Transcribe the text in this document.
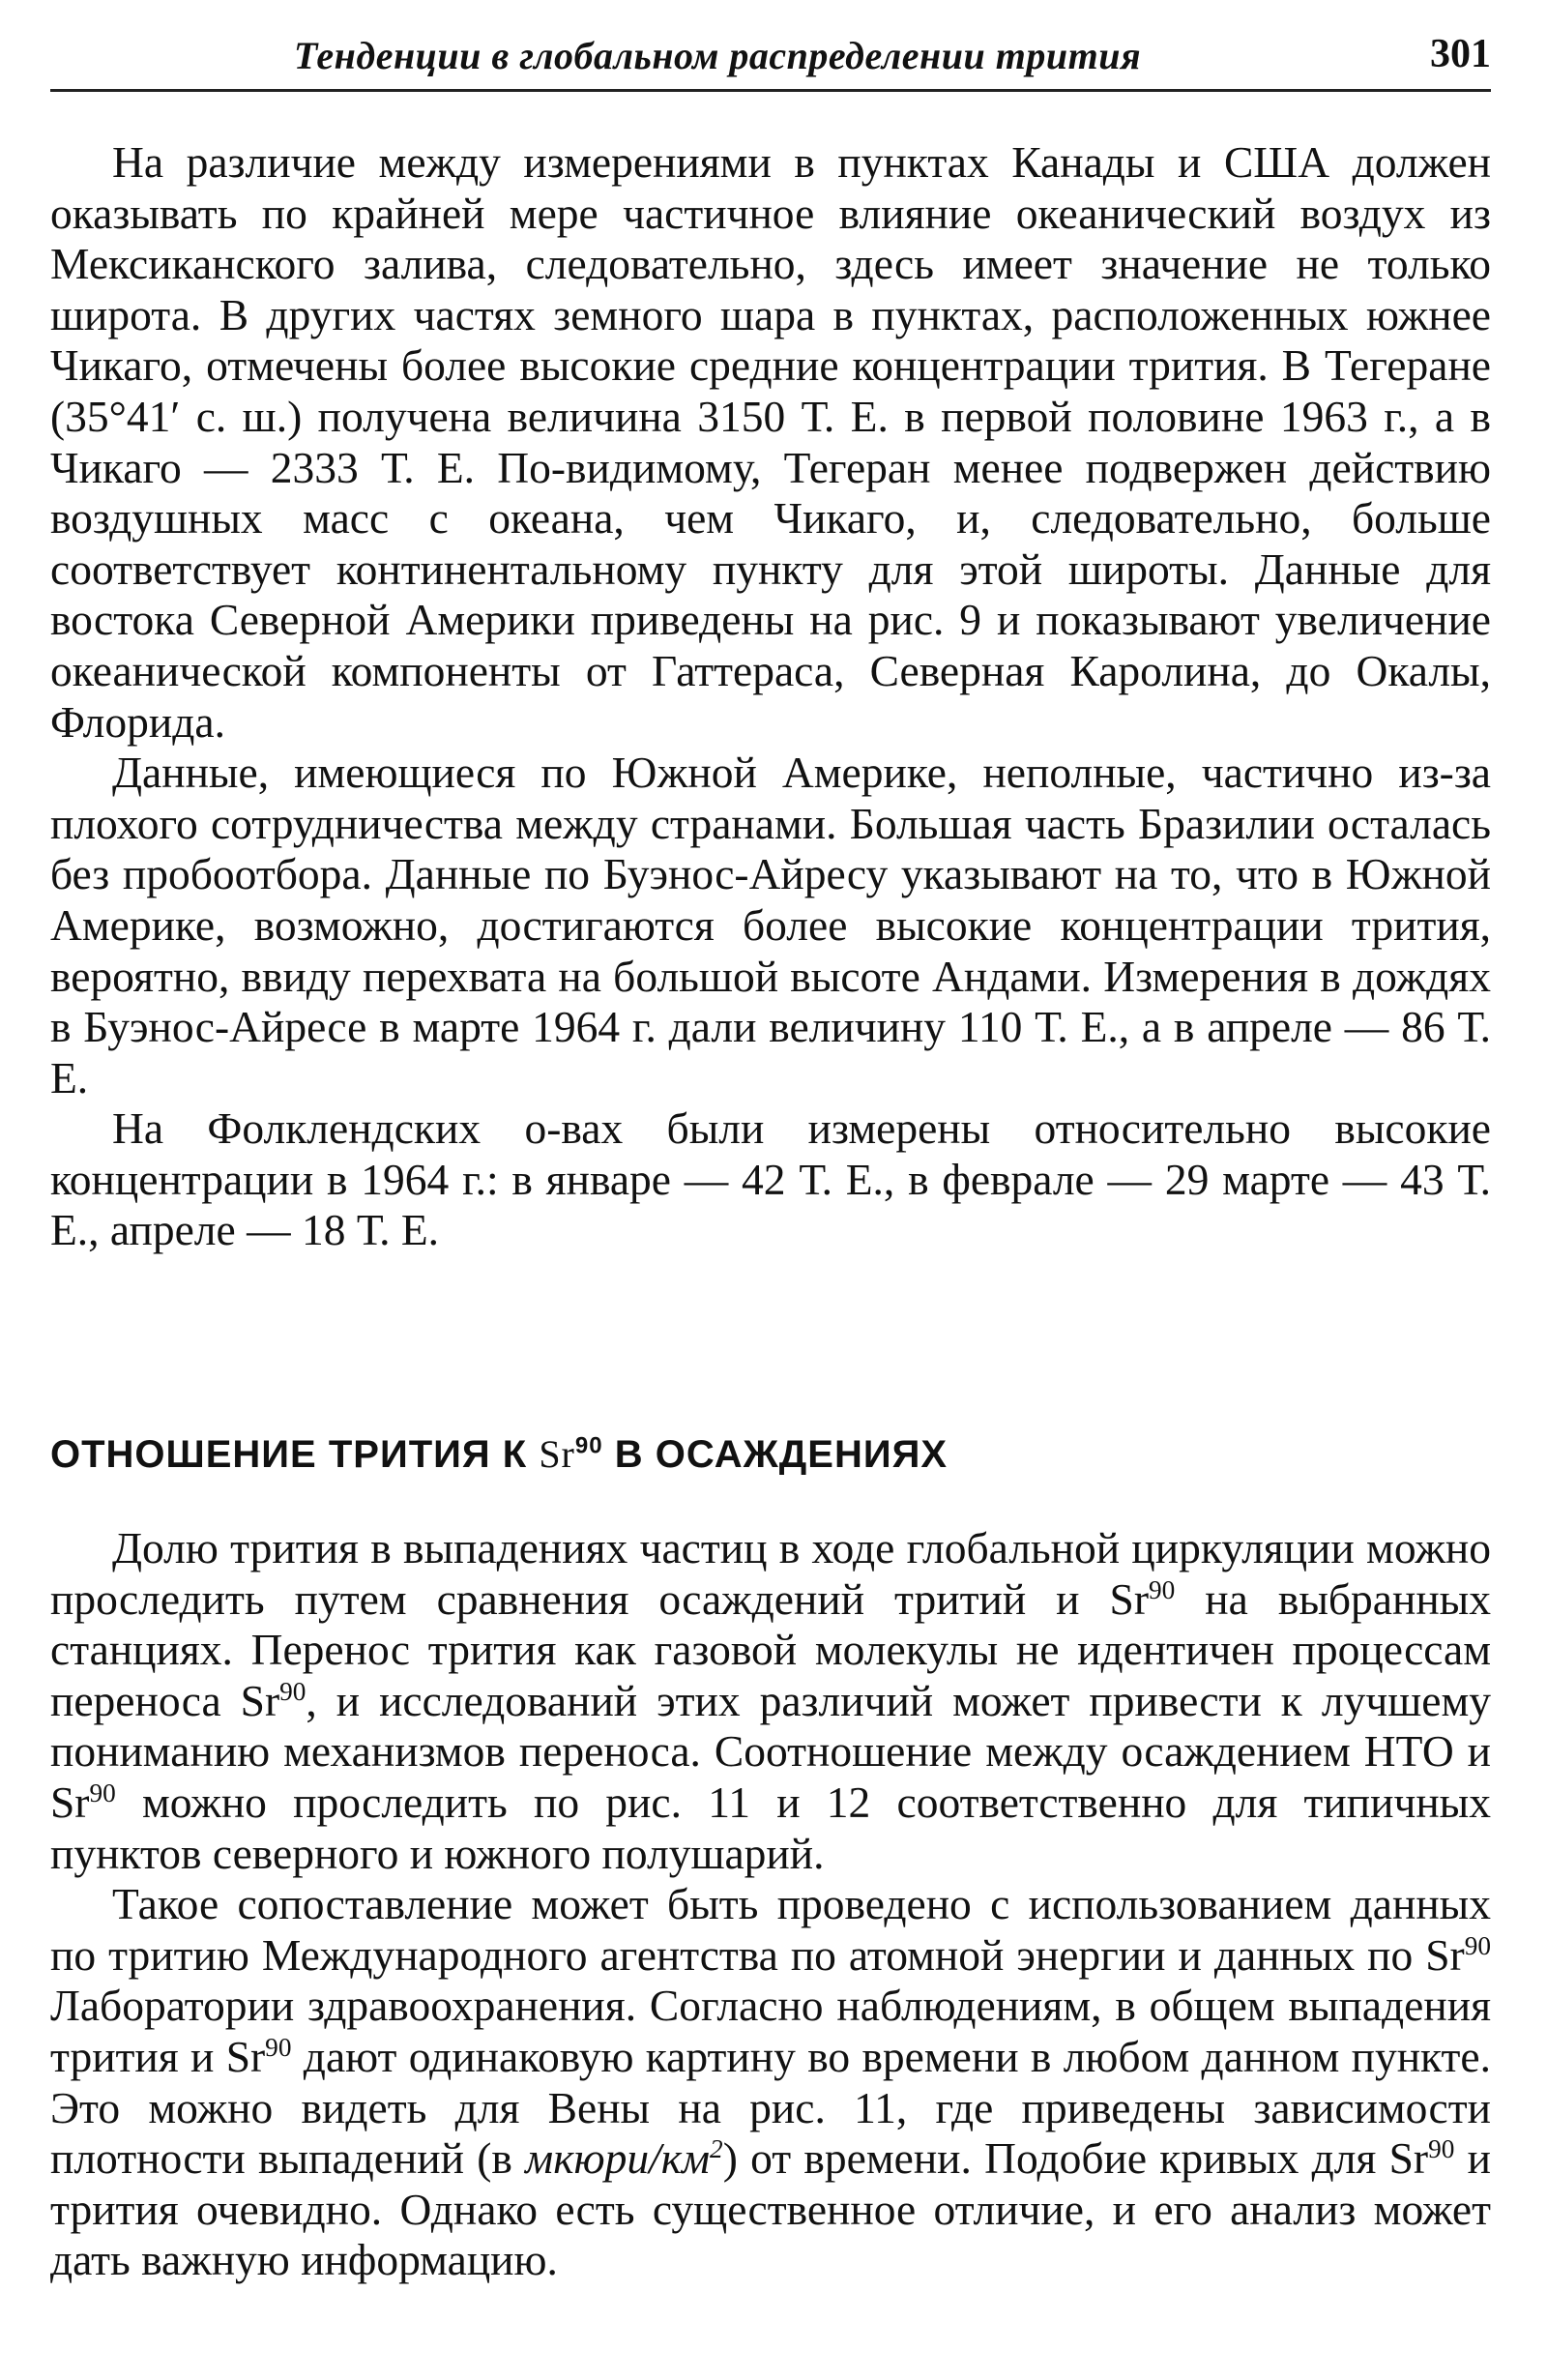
Тенденции в глобальном распределении трития	301

На различие между измерениями в пунктах Канады и США должен оказывать по крайней мере частичное влияние океанический воздух из Мексиканского залива, следовательно, здесь имеет значение не только широта. В других частях земного шара в пунктах, расположенных южнее Чикаго, отмечены более высокие средние концентрации трития. В Тегеране (35°41′ с. ш.) получена величина 3150 Т. Е. в первой половине 1963 г., а в Чикаго — 2333 Т. Е. По-видимому, Тегеран менее подвержен действию воздушных масс с океана, чем Чикаго, и, следовательно, больше соответствует континентальному пункту для этой широты. Данные для востока Северной Америки приведены на рис. 9 и показывают увеличение океанической компоненты от Гаттераса, Северная Каролина, до Окалы, Флорида.

Данные, имеющиеся по Южной Америке, неполные, частично из-за плохого сотрудничества между странами. Большая часть Бразилии осталась без пробоотбора. Данные по Буэнос-Айресу указывают на то, что в Южной Америке, возможно, достигаются более высокие концентрации трития, вероятно, ввиду перехвата на большой высоте Андами. Измерения в дождях в Буэнос-Айресе в марте 1964 г. дали величину 110 Т. Е., а в апреле — 86 Т. Е.

На Фолклендских о-вах были измерены относительно высокие концентрации в 1964 г.: в январе — 42 Т. Е., в феврале — 29 марте — 43 Т. Е., апреле — 18 Т. Е.

ОТНОШЕНИЕ ТРИТИЯ К Sr$^{90}$ В ОСАЖДЕНИЯХ

Долю трития в выпадениях частиц в ходе глобальной циркуляции можно проследить путем сравнения осаждений тритий и Sr$^{90}$ на выбранных станциях. Перенос трития как газовой молекулы не идентичен процессам переноса Sr$^{90}$, и исследований этих различий может привести к лучшему пониманию механизмов переноса. Соотношение между осаждением НТО и Sr$^{90}$ можно проследить по рис. 11 и 12 соответственно для типичных пунктов северного и южного полушарий.

Такое сопоставление может быть проведено с использованием данных по тритию Международного агентства по атомной энергии и данных по Sr$^{90}$ Лаборатории здравоохранения. Согласно наблюдениям, в общем выпадения трития и Sr$^{90}$ дают одинаковую картину во времени в любом данном пункте. Это можно видеть для Вены на рис. 11, где приведены зависимости плотности выпадений (в мкюри/$км^2$) от времени. Подобие кривых для Sr$^{90}$ и трития очевидно. Однако есть существенное отличие, и его анализ может дать важную информацию.
